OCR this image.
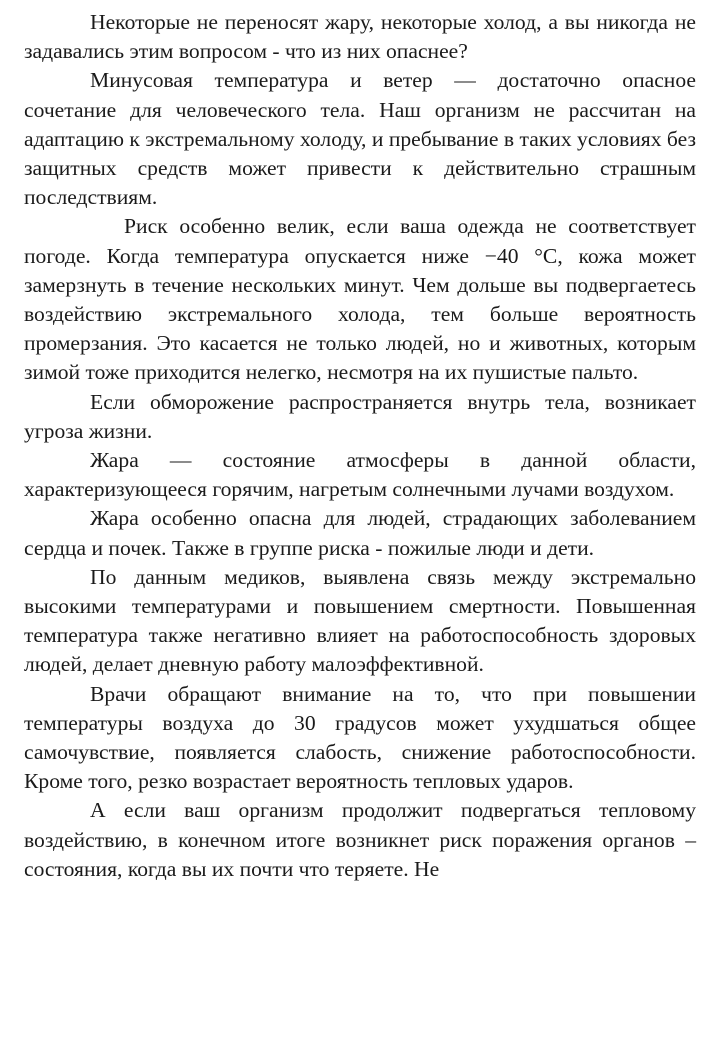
Некоторые не переносят жару, некоторые холод, а вы никогда не задавались этим вопросом - что из них опаснее?

Минусовая температура и ветер — достаточно опасное сочетание для человеческого тела. Наш организм не рассчитан на адаптацию к экстремальному холоду, и пребывание в таких условиях без защитных средств может привести к действительно страшным последствиям.

Риск особенно велик, если ваша одежда не соответствует погоде. Когда температура опускается ниже −40 °C, кожа может замерзнуть в течение нескольких минут. Чем дольше вы подвергаетесь воздействию экстремального холода, тем больше вероятность промерзания. Это касается не только людей, но и животных, которым зимой тоже приходится нелегко, несмотря на их пушистые пальто.

Если обморожение распространяется внутрь тела, возникает угроза жизни.

Жара — состояние атмосферы в данной области, характеризующееся горячим, нагретым солнечными лучами воздухом.

Жара особенно опасна для людей, страдающих заболеванием сердца и почек. Также в группе риска - пожилые люди и дети.

По данным медиков, выявлена связь между экстремально высокими температурами и повышением смертности. Повышенная температура также негативно влияет на работоспособность здоровых людей, делает дневную работу малоэффективной.

Врачи обращают внимание на то, что при повышении температуры воздуха до 30 градусов может ухудшаться общее самочувствие, появляется слабость, снижение работоспособности. Кроме того, резко возрастает вероятность тепловых ударов.

А если ваш организм продолжит подвергаться тепловому воздействию, в конечном итоге возникнет риск поражения органов – состояния, когда вы их почти что теряете. Не
